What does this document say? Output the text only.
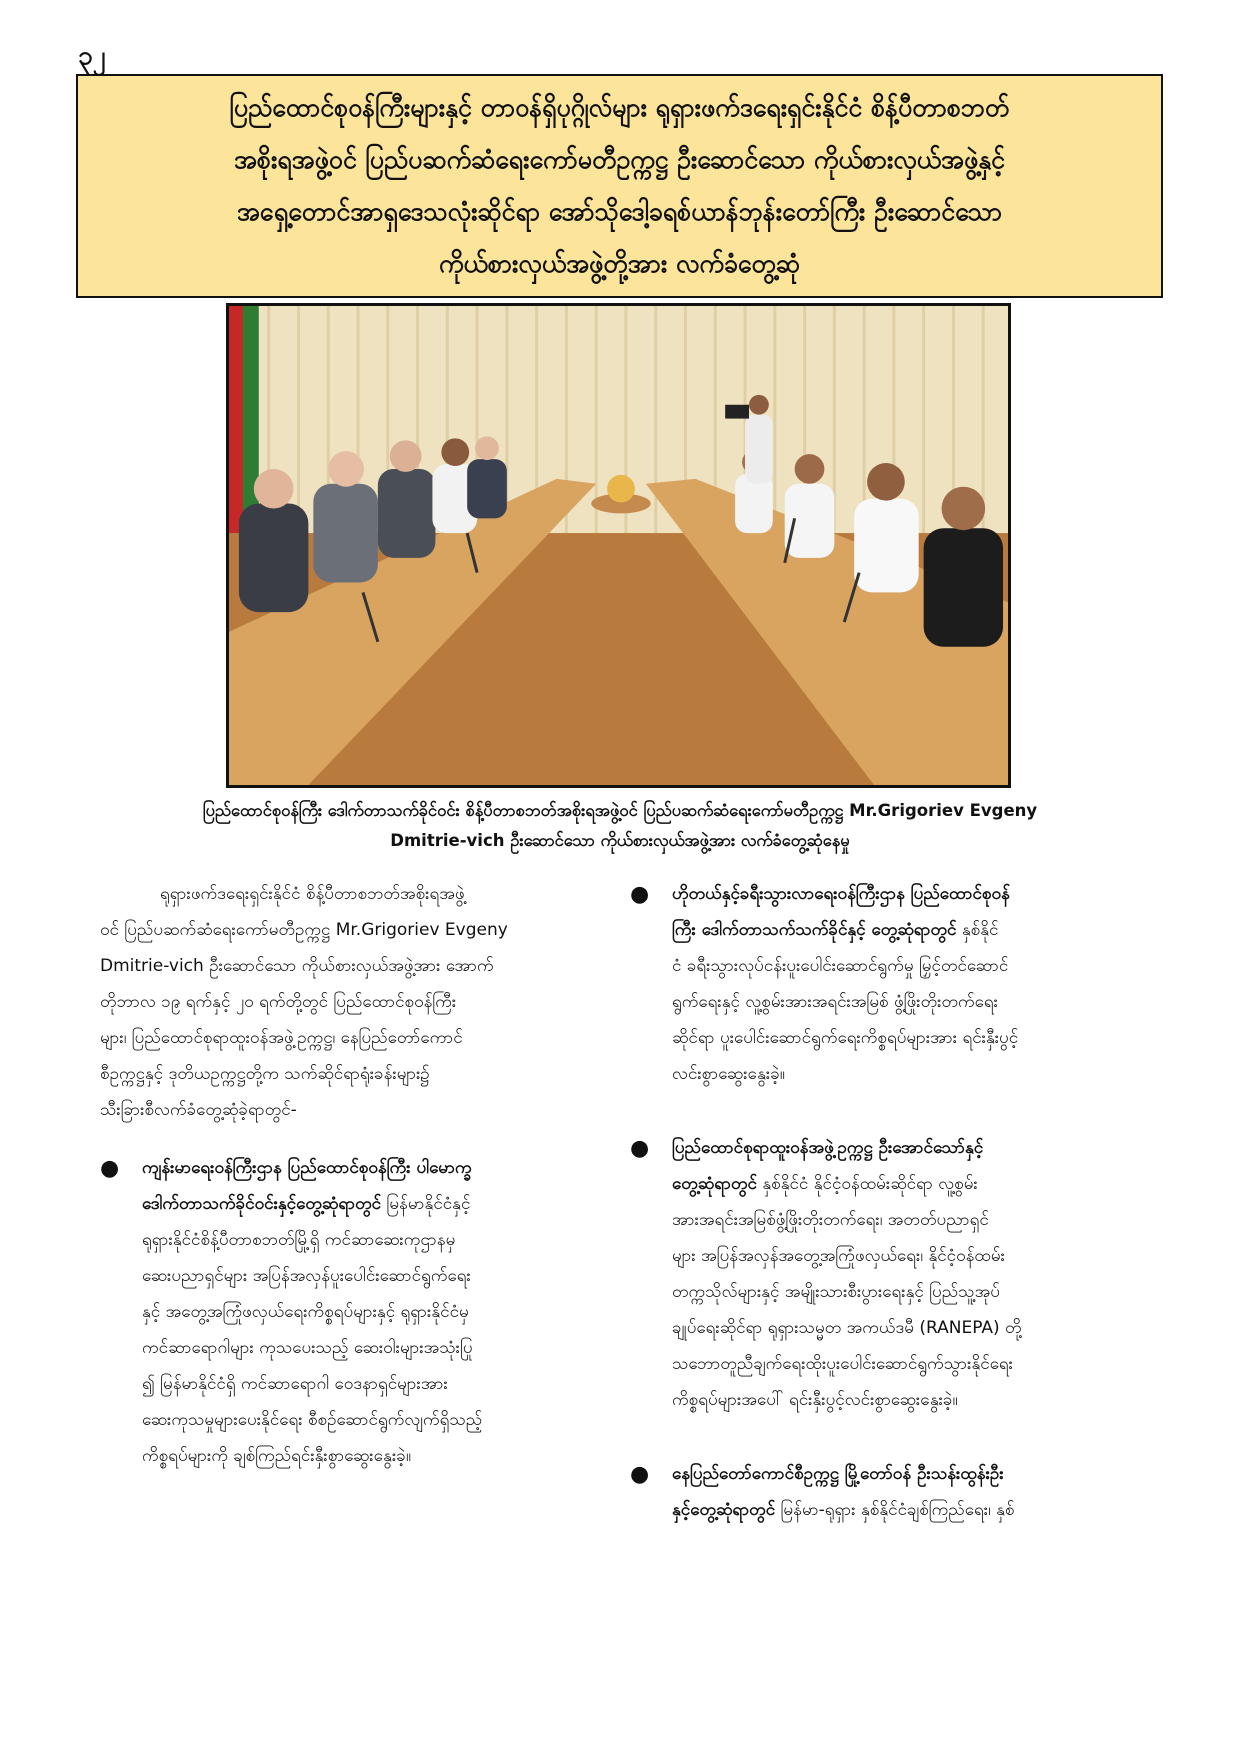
၃၂
ပြည်ထောင်စုဝန်ကြီးများနှင့် တာဝန်ရှိပုဂ္ဂိုလ်များ ရုရှားဖက်ဒရေးရှင်းနိုင်ငံ စိန့်ပီတာစဘတ်
အစိုးရအဖွဲ့ဝင် ပြည်ပဆက်ဆံရေးကော်မတီဥက္ကဋ္ဌ ဦးဆောင်သော ကိုယ်စားလှယ်အဖွဲ့နှင့်
အရှေ့တောင်အာရှဒေသလုံးဆိုင်ရာ အော်သိုဒေါ့ခရစ်ယာန်ဘုန်းတော်ကြီး ဦးဆောင်သော
ကိုယ်စားလှယ်အဖွဲ့တို့အား လက်ခံတွေ့ဆုံ
ပြည်ထောင်စုဝန်ကြီး ဒေါက်တာသက်ခိုင်ဝင်း စိန့်ပီတာစဘတ်အစိုးရအဖွဲ့ဝင် ပြည်ပဆက်ဆံရေးကော်မတီဥက္ကဋ္ဌ Mr.Grigoriev Evgeny
Dmitrie-vich ဦးဆောင်သော ကိုယ်စားလှယ်အဖွဲ့အား လက်ခံတွေ့ဆုံနေမှု
ရုရှားဖက်ဒရေးရှင်းနိုင်ငံ စိန့်ပီတာစဘတ်အစိုးရအဖွဲ့
ဝင် ပြည်ပဆက်ဆံရေးကော်မတီဥက္ကဋ္ဌ Mr.Grigoriev Evgeny
Dmitrie-vich ဦးဆောင်သော ကိုယ်စားလှယ်အဖွဲ့အား အောက်
တိုဘာလ ၁၉ ရက်နှင့် ၂၀ ရက်တို့တွင် ပြည်ထောင်စုဝန်ကြီး
များ၊ ပြည်ထောင်စုရာထူးဝန်အဖွဲ့ဥက္ကဋ္ဌ၊ နေပြည်တော်ကောင်
စီဥက္ကဋ္ဌနှင့် ဒုတိယဥက္ကဋ္ဌတို့က သက်ဆိုင်ရာရုံးခန်းများ၌
သီးခြားစီလက်ခံတွေ့ဆုံခဲ့ရာတွင်-
● ကျန်းမာရေးဝန်ကြီးဌာန ပြည်ထောင်စုဝန်ကြီး ပါမောက္ခ
ဒေါက်တာသက်ခိုင်ဝင်းနှင့်တွေ့ဆုံရာတွင် မြန်မာနိုင်ငံနှင့်
ရုရှားနိုင်ငံစိန့်ပီတာစဘတ်မြို့ရှိ ကင်ဆာဆေးကုဌာနမှ
ဆေးပညာရှင်များ အပြန်အလှန်ပူးပေါင်းဆောင်ရွက်ရေး
နှင့် အတွေ့အကြုံဖလှယ်ရေးကိစ္စရပ်များနှင့် ရုရှားနိုင်ငံမှ
ကင်ဆာရောဂါများ ကုသပေးသည့် ဆေးဝါးများအသုံးပြု
၍ မြန်မာနိုင်ငံရှိ ကင်ဆာရောဂါ ဝေဒနာရှင်များအား
ဆေးကုသမှုများပေးနိုင်ရေး စီစဉ်ဆောင်ရွက်လျက်ရှိသည့်
ကိစ္စရပ်များကို ချစ်ကြည်ရင်းနှီးစွာဆွေးနွေးခဲ့။
● ဟိုတယ်နှင့်ခရီးသွားလာရေးဝန်ကြီးဌာန ပြည်ထောင်စုဝန်
ကြီး ဒေါက်တာသက်သက်ခိုင်နှင့် တွေ့ဆုံရာတွင် နှစ်နိုင်
ငံ ခရီးသွားလုပ်ငန်းပူးပေါင်းဆောင်ရွက်မှု မြှင့်တင်ဆောင်
ရွက်ရေးနှင့် လူ့စွမ်းအားအရင်းအမြစ် ဖွံ့ဖြိုးတိုးတက်ရေး
ဆိုင်ရာ ပူးပေါင်းဆောင်ရွက်ရေးကိစ္စရပ်များအား ရင်းနှီးပွင့်
လင်းစွာဆွေးနွေးခဲ့။
● ပြည်ထောင်စုရာထူးဝန်အဖွဲ့ဥက္ကဋ္ဌ ဦးအောင်သော်နှင့်
တွေ့ဆုံရာတွင် နှစ်နိုင်ငံ နိုင်ငံ့ဝန်ထမ်းဆိုင်ရာ လူ့စွမ်း
အားအရင်းအမြစ်ဖွံ့ဖြိုးတိုးတက်ရေး၊ အတတ်ပညာရှင်
များ အပြန်အလှန်အတွေ့အကြုံဖလှယ်ရေး၊ နိုင်ငံ့ဝန်ထမ်း
တက္ကသိုလ်များနှင့် အမျိုးသားစီးပွားရေးနှင့် ပြည်သူ့အုပ်
ချုပ်ရေးဆိုင်ရာ ရုရှားသမ္မတ အကယ်ဒမီ (RANEPA) တို့
သဘောတူညီချက်ရေးထိုးပူးပေါင်းဆောင်ရွက်သွားနိုင်ရေး
ကိစ္စရပ်များအပေါ် ရင်းနှီးပွင့်လင်းစွာဆွေးနွေးခဲ့။
● နေပြည်တော်ကောင်စီဥက္ကဋ္ဌ မြို့တော်ဝန် ဦးသန်းထွန်းဦး
နှင့်တွေ့ဆုံရာတွင် မြန်မာ-ရုရှား နှစ်နိုင်ငံချစ်ကြည်ရေး၊ နှစ်
